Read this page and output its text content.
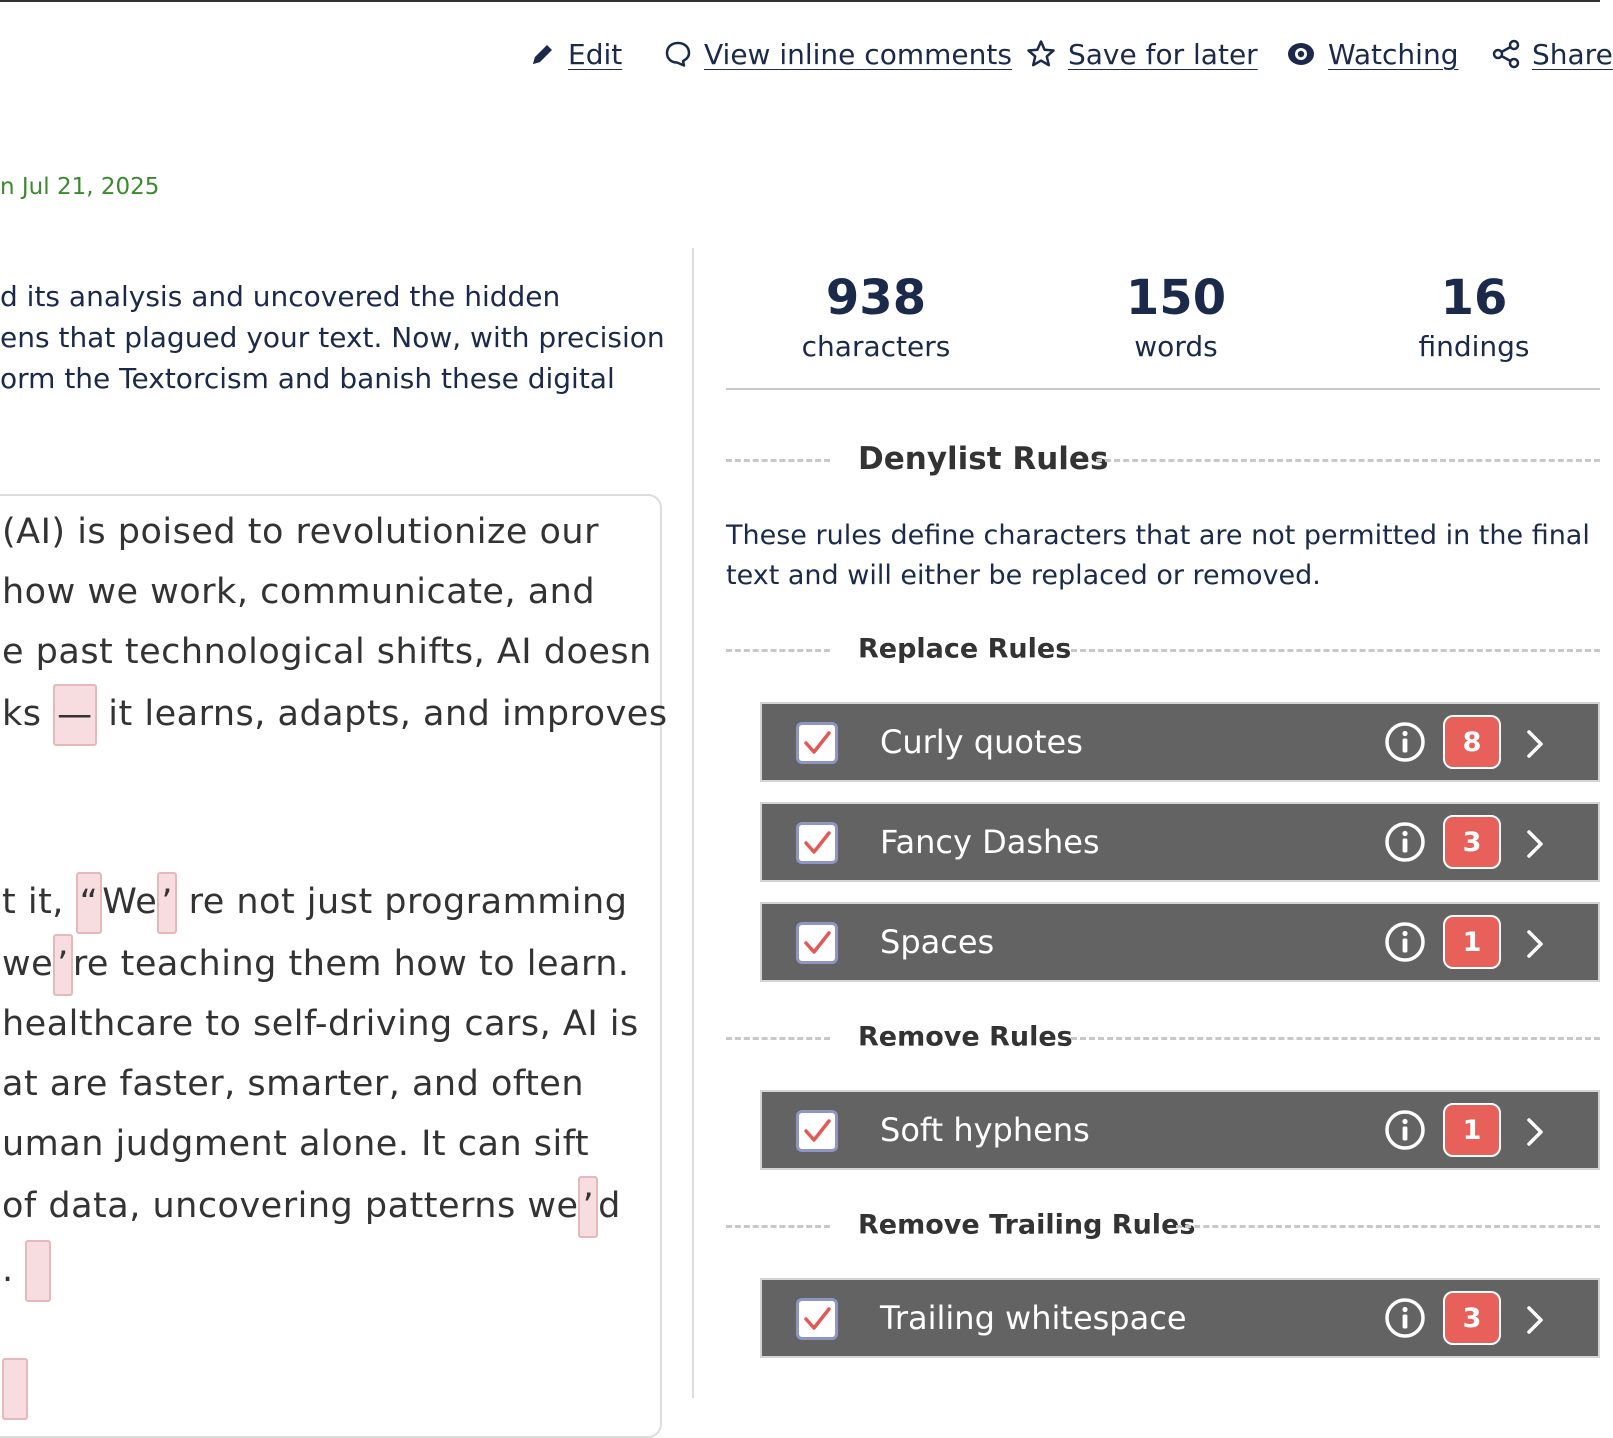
Edit	View inline comments Save for later	Watching	Share
n Jul 21, 2025
d its analysis and uncovered the hidden
ens that plagued your text. Now, with precision
orm the Textorcism and banish these digital
(AI) is poised to revolutionize our
how we work, communicate, and
e past technological shifts, AI doesn
ks — it learns, adapts, and improves
t it, “ We ’ re not just programming
we ’ re teaching them how to learn.
healthcare to self-driving cars, AI is
at are faster, smarter, and often
uman judgment alone. It can sift
of data, uncovering patterns we ’ d
.
938
characters
150
words
16
findings
Denylist Rules
These rules define characters that are not permitted in the final text and will either be replaced or removed.
Replace Rules
Curly quotes	8
Fancy Dashes	3
Spaces	1
Remove Rules
Soft hyphens	1
Remove Trailing Rules
Trailing whitespace	3
